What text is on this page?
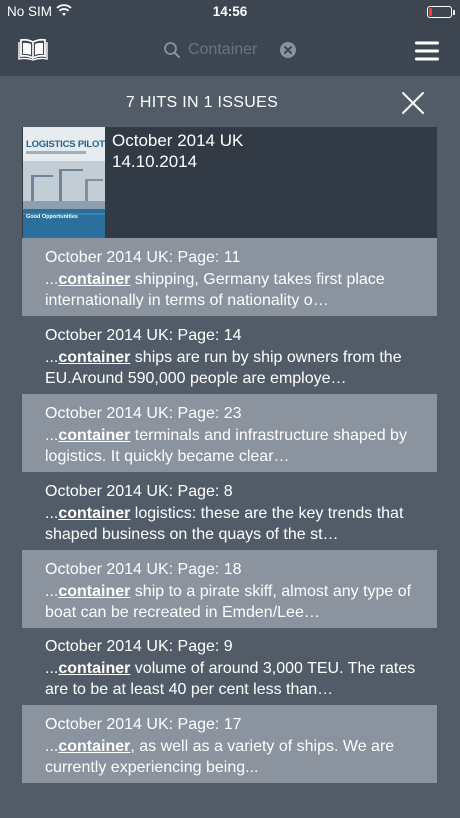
No SIM	14:56
Container
7 HITS IN 1 ISSUES
LOGISTICS PILOT
Good Opportunities
October 2014 UK
14.10.2014
October 2014 UK: Page: 11
...container shipping, Germany takes first place internationally in terms of nationality o…
October 2014 UK: Page: 14
...container ships are run by ship owners from the EU.Around 590,000 people are employe…
October 2014 UK: Page: 23
...container terminals and infrastructure shaped by logistics. It quickly became clear…
October 2014 UK: Page: 8
...container logistics: these are the key trends that shaped business on the quays of the st…
October 2014 UK: Page: 18
...container ship to a pirate skiff, almost any type of boat can be recreated in Emden/Lee…
October 2014 UK: Page: 9
...container volume of around 3,000 TEU. The rates are to be at least 40 per cent less than…
October 2014 UK: Page: 17
...container, as well as a variety of ships. We are currently experiencing being...
